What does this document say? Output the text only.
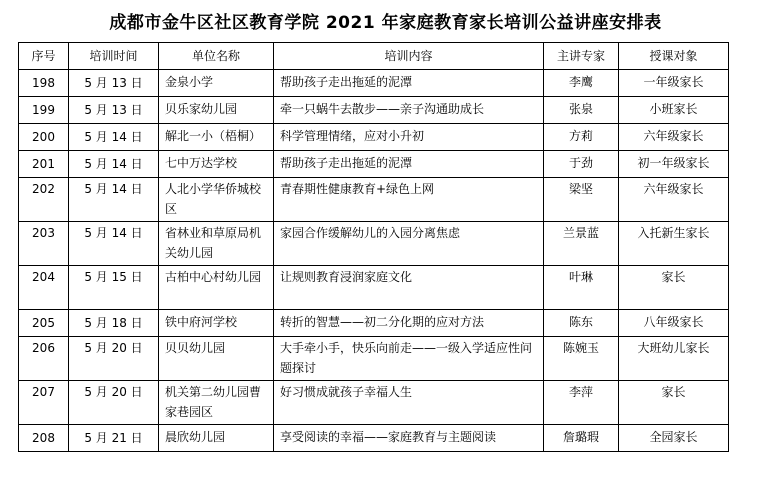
成都市金牛区社区教育学院 2021 年家庭教育家长培训公益讲座安排表
序号	培训时间	单位名称	培训内容	主讲专家	授课对象
198	5 月 13 日	金泉小学	帮助孩子走出拖延的泥潭	李鹰	一年级家长
199	5 月 13 日	贝乐家幼儿园	牵一只蜗牛去散步——亲子沟通助成长	张泉	小班家长
200	5 月 14 日	解北一小（梧桐）	科学管理情绪，应对小升初	方莉	六年级家长
201	5 月 14 日	七中万达学校	帮助孩子走出拖延的泥潭	于劲	初一年级家长
202	5 月 14 日	人北小学华侨城校区	青春期性健康教育+绿色上网	梁坚	六年级家长
203	5 月 14 日	省林业和草原局机关幼儿园	家园合作缓解幼儿的入园分离焦虑	兰景蓝	入托新生家长
204	5 月 15 日	古柏中心村幼儿园	让规则教育浸润家庭文化	叶琳	家长
205	5 月 18 日	铁中府河学校	转折的智慧——初二分化期的应对方法	陈东	八年级家长
206	5 月 20 日	贝贝幼儿园	大手牵小手，快乐向前走——一级入学适应性问题探讨	陈婉玉	大班幼儿家长
207	5 月 20 日	机关第二幼儿园曹家巷园区	好习惯成就孩子幸福人生	李萍	家长
208	5 月 21 日	晨欣幼儿园	享受阅读的幸福——家庭教育与主题阅读	詹璐瑕	全园家长
